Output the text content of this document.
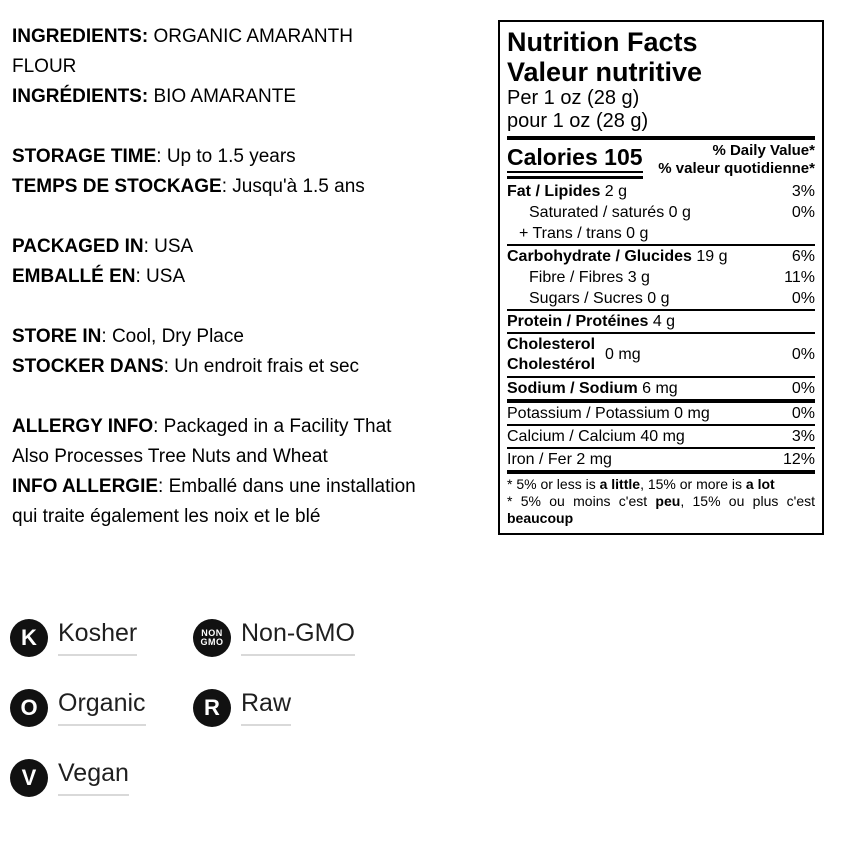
INGREDIENTS: ORGANIC AMARANTH
FLOUR
INGRÉDIENTS: BIO AMARANTE
STORAGE TIME: Up to 1.5 years
TEMPS DE STOCKAGE: Jusqu'à 1.5 ans
PACKAGED IN: USA
EMBALLÉ EN: USA
STORE IN: Cool, Dry Place
STOCKER DANS: Un endroit frais et sec
ALLERGY INFO: Packaged in a Facility That
Also Processes Tree Nuts and Wheat
INFO ALLERGIE: Emballé dans une installation
qui traite également les noix et le blé
Nutrition Facts
Valeur nutritive
Per 1 oz (28 g)
pour 1 oz (28 g)
Calories 105	% Daily Value*
% valeur quotidienne*
Fat / Lipides 2 g	3%
Saturated / saturés 0 g	0%
+ Trans / trans 0 g
Carbohydrate / Glucides 19 g	6%
Fibre / Fibres 3 g	11%
Sugars / Sucres 0 g	0%
Protein / Protéines 4 g
Cholesterol
Cholestérol
0 mg	0%
Sodium / Sodium 6 mg	0%
Potassium / Potassium 0 mg	0%
Calcium / Calcium 40 mg	3%
Iron / Fer 2 mg	12%
* 5% or less is a little, 15% or more is a lot
* 5% ou moins c'est peu, 15% ou plus c'est beaucoup
K Kosher	NON
GMO Non-GMO
O Organic	R Raw
V Vegan
